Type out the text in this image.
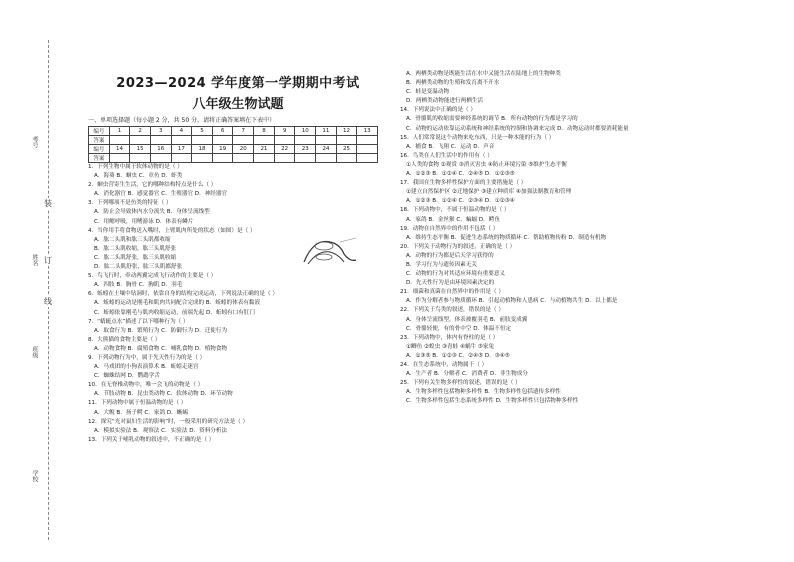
考号
姓名
班级
学校
装
订
线
2023—2024 学年度第一学期期中考试
八年级生物试题
一、单项选择题（每小题 2 分，共 50 分，请将正确答案填在下表中）
编号	1	2	3	4	5	6	7	8	9	10	11	12	13
答案													
编号	14	15	16	17	18	19	20	21	22	23	24	25	
答案													
1．下列生物中属于软体动物的是（ ）
A．海葵 B．蛔虫 C．章鱼 D．虾类
2．蛔虫营寄生生活，它的哪种结构特点是什么（ ）
A．消化器官 B．感觉器官 C．生殖器官 D．神经器官
3．下列哪项不是鱼类的特征（ ）
A．防止会导致体内水分流失 B．身体呈流线型
C．用鳃呼吸，用鳍游泳 D．体表有鳞片
4．当你用手将食物送入嘴时，上臂肌肉所处的状态（如图）是（ ）
A．肱二头肌和肱三头肌都收缩
B．肱二头肌收缩，肱三头肌舒张
C．肱二头肌舒张，肱三头肌收缩
D．肱二头肌舒张，肱三头肌都舒张
5．鸟飞行时，牵动两翼完成飞行动作的主要是（ ）
A．四肢 B．胸骨 C．胸肌 D．羽毛
6．蚯蚓在土壤中钻洞时，依靠自身的结构完成运动，下列说法正确的是（ ）
A．蚯蚓的运动是刚毛和肌肉共同配合完成的 B．蚯蚓的体表有黏液
C．蚯蚓依靠刚毛与肌肉收缩运动，前端先起 D．蚯蚓有口有肛门
7．“蜻蜓点水”描述了以下哪种行为（ ）
A．取食行为 B．繁殖行为 C．防御行为 D．迁徙行为
8．大熊猫的食物主要是（ ）
A．动物食物 B．腐殖食物 C．哺乳食物 D．植物食物
9．下列动物行为中，属于先天性行为的是（ ）
A．马戏团的小狗表演算术 B．蚯蚓走迷宫
C．蜘蛛结网 D．鹦鹉学舌
10．在无脊椎动物中，唯一会飞的动物是（ ）
A．节肢动物 B．昆虫类动物 C．软体动物 D．环节动物
11．下列动物中属于恒温动物的是（ ）
A．大鲵 B．扬子鳄 C．家鸽 D．蜥蜴
12．探究“光对鼠妇生活的影响”时，一般采用的研究方法是（ ）
A．模拟实验法 B．观察法 C．实验法 D．资料分析法
13．下列关于哺乳动物的叙述中，不正确的是（ ）
A．两栖类动物是既能生活在水中又能生活在陆地上的生物种类
B．两栖类动物的生殖和发育离不开水
C．蛙是变温动物
D．两栖类动物能进行两栖生活
14．下列说法中正确的是（ ）
A．骨骼肌的收缩需要神经系统的调节 B．所有动物的行为都是学习的
C．动物的运动依靠运动系统和神经系统的控制和协调来完成 D．动物运动时都要消耗能量
15．人们常常说这个动物来吃东西，只是一种本能的行为（ ）
A．捕食 B．飞翔 C．运动 D．声音
16．鸟类在人们生活中的作用有（ ）
①人类的食物 ②观赏 ③消灭害虫 ④防止环境污染 ⑤维护生态平衡
A．①②③ B．①②④ C．②④⑤ D．①②③⑤
17．我国在生物多样性保护方面的主要措施是（ ）
①建立自然保护区 ②迁地保护 ③建立种质库 ④加强法制教育和管理
A．①②③ B．①②④ C．②③④ D．①②③④
18．下列动物中，不属于恒温动物的是（ ）
A．家鸽 B．金丝猴 C．蝙蝠 D．鳄鱼
19．动物在自然界中的作用不包括（ ）
A．维持生态平衡 B．促进生态系统的物质循环 C．帮助植物传粉 D．制造有机物
20．下列关于动物行为的叙述，正确的是（ ）
A．动物的行为都是后天学习获得的
B．学习行为与遗传因素无关
C．动物的行为对其适应环境有重要意义
D．先天性行为是由环境因素决定的
21．细菌和真菌在自然界中的作用是（ ）
A．作为分解者参与物质循环 B．引起动植物和人患病 C．与动植物共生 D．以上都是
22．下列关于鸟类的叙述，错误的是（ ）
A．身体呈流线型，体表被覆羽毛 B．前肢变成翼
C．骨骼轻便，有的骨中空 D．体温不恒定
23．下列动物中，体内有脊柱的是（ ）
①鲫鱼 ②蝗虫 ③青蛙 ④蜗牛 ⑤家兔
A．①③⑤ B．①②③ C．②④⑤ D．③④⑤
24．在生态系统中，动物属于（ ）
A．生产者 B．分解者 C．消费者 D．非生物成分
25．下列有关生物多样性的叙述，错误的是（ ）
A．生物多样性包括物种多样性 B．生物多样性包括遗传多样性
C．生物多样性包括生态系统多样性 D．生物多样性只包括物种多样性
